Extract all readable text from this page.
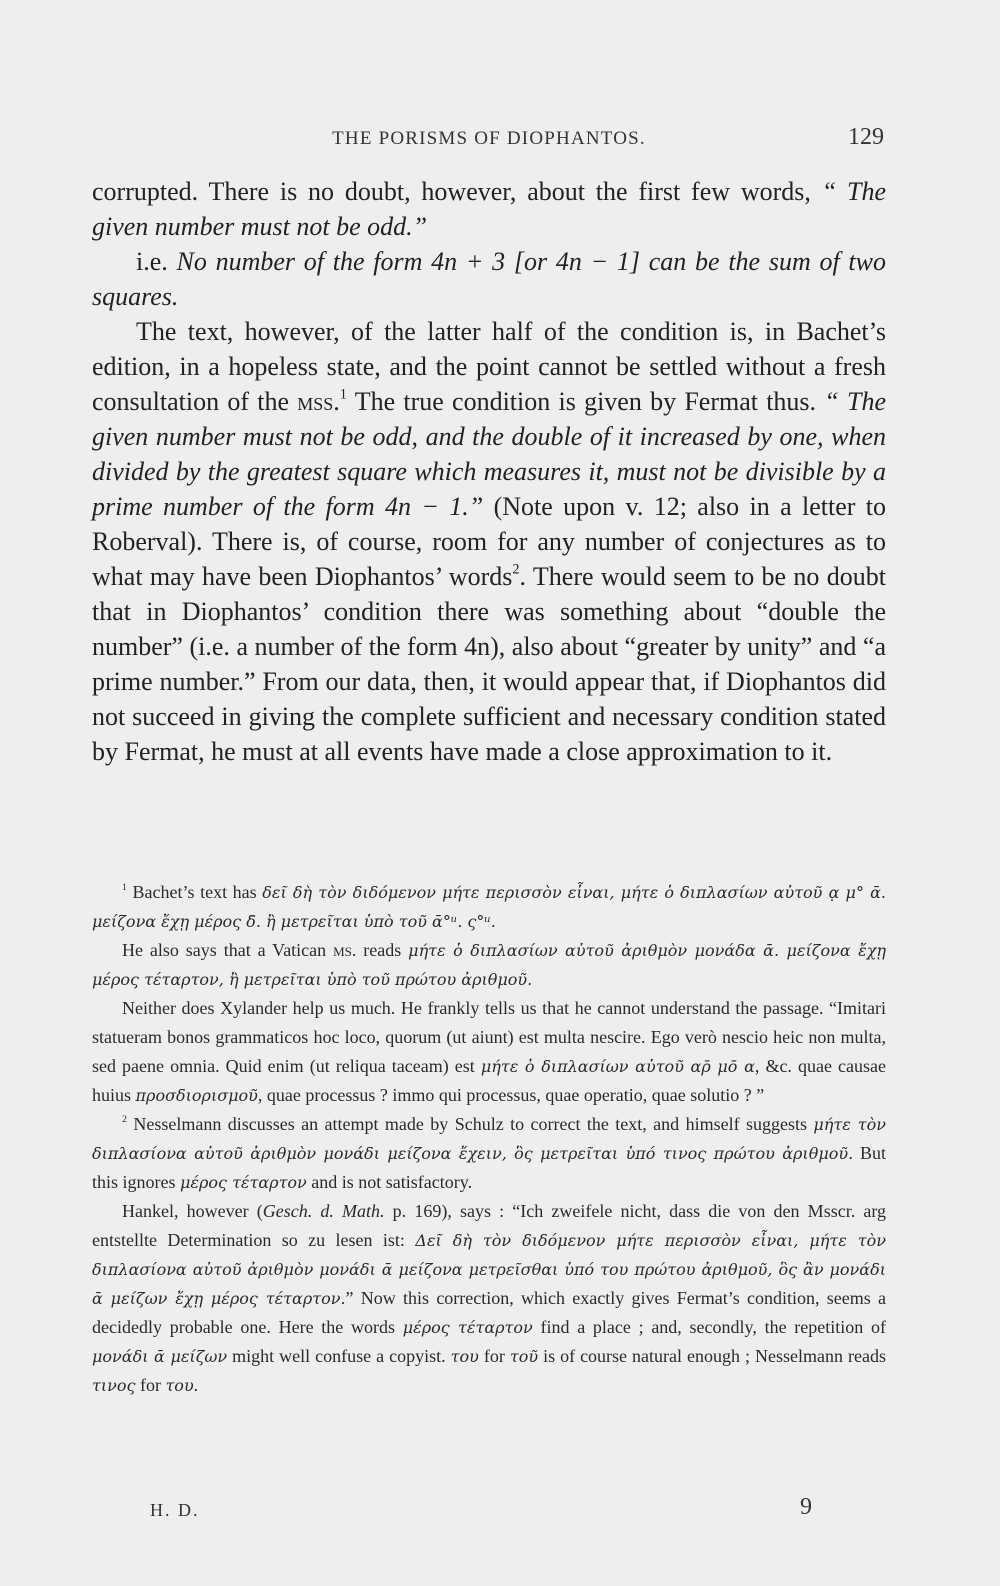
THE PORISMS OF DIOPHANTOS.	129

corrupted. There is no doubt, however, about the first few words, “ The given number must not be odd.”

i.e. No number of the form 4n + 3 [or 4n − 1] can be the sum of two squares.

The text, however, of the latter half of the condition is, in Bachet’s edition, in a hopeless state, and the point cannot be settled without a fresh consultation of the mss.$^1$ The true condition is given by Fermat thus. “ The given number must not be odd, and the double of it increased by one, when divided by the greatest square which measures it, must not be divisible by a prime number of the form 4n − 1.” (Note upon v. 12; also in a letter to Roberval). There is, of course, room for any number of conjectures as to what may have been Diophantos’ words$^2$. There would seem to be no doubt that in Diophantos’ condition there was something about “double the number” (i.e. a number of the form 4n), also about “greater by unity” and “a prime number.” From our data, then, it would appear that, if Diophantos did not succeed in giving the complete sufficient and necessary condition stated by Fermat, he must at all events have made a close approximation to it.

$^1$ Bachet’s text has δεῖ δὴ τὸν διδόμενον μήτε περισσὸν εἶναι, μήτε ὁ διπλασίων αὐτοῦ ᾳ μ° ᾱ. μείζονα ἔχῃ μέρος δ̄. ἢ μετρεῖται ὑπὸ τοῦ ᾱ°ᵘ. ς°ᵘ.

He also says that a Vatican ms. reads μήτε ὁ διπλασίων αὐτοῦ ἀριθμὸν μονάδα ᾱ. μείζονα ἔχῃ μέρος τέταρτον, ἢ μετρεῖται ὑπὸ τοῦ πρώτου ἀριθμοῦ.

Neither does Xylander help us much. He frankly tells us that he cannot understand the passage. “Imitari statueram bonos grammaticos hoc loco, quorum (ut aiunt) est multa nescire. Ego verò nescio heic non multa, sed paene omnia. Quid enim (ut reliqua taceam) est μήτε ὁ διπλασίων αὐτοῦ αρ̄ μο̄ α, &c. quae causae huius προσδιορισμοῦ, quae processus ? immo qui processus, quae operatio, quae solutio ? ”

$^2$ Nesselmann discusses an attempt made by Schulz to correct the text, and himself suggests μήτε τὸν διπλασίονα αὐτοῦ ἀριθμὸν μονάδι μείζονα ἔχειν, ὃς μετρεῖται ὑπό τινος πρώτου ἀριθμοῦ. But this ignores μέρος τέταρτον and is not satisfactory.

Hankel, however (Gesch. d. Math. p. 169), says : “Ich zweifele nicht, dass die von den Msscr. arg entstellte Determination so zu lesen ist: Δεῖ δὴ τὸν διδόμενον μήτε περισσὸν εἶναι, μήτε τὸν διπλασίονα αὐτοῦ ἀριθμὸν μονάδι ᾱ μείζονα μετρεῖσθαι ὑπό του πρώτου ἀριθμοῦ, ὃς ἂν μονάδι ᾱ μείζων ἔχῃ μέρος τέταρτον.” Now this correction, which exactly gives Fermat’s condition, seems a decidedly probable one. Here the words μέρος τέταρτον find a place ; and, secondly, the repetition of μονάδι ᾱ μείζων might well confuse a copyist. του for τοῦ is of course natural enough ; Nesselmann reads τινος for του.

H. D.	9
